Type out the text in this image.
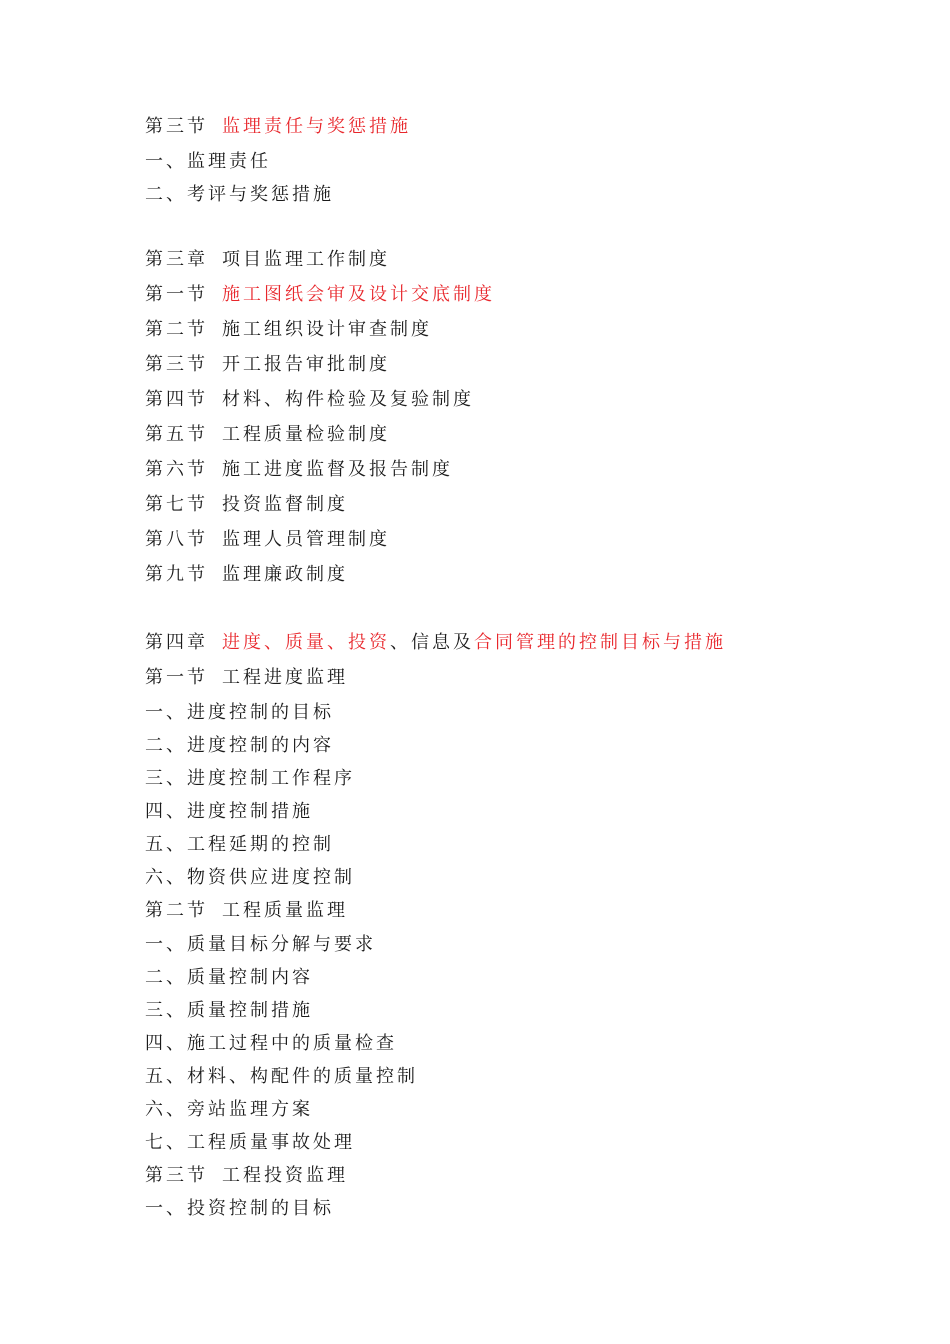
第三节 监理责任与奖惩措施
一、监理责任
二、考评与奖惩措施
第三章 项目监理工作制度
第一节 施工图纸会审及设计交底制度
第二节 施工组织设计审查制度
第三节 开工报告审批制度
第四节 材料、构件检验及复验制度
第五节 工程质量检验制度
第六节 施工进度监督及报告制度
第七节 投资监督制度
第八节 监理人员管理制度
第九节 监理廉政制度
第四章 进度、质量、投资、信息及合同管理的控制目标与措施
第一节 工程进度监理
一、进度控制的目标
二、进度控制的内容
三、进度控制工作程序
四、进度控制措施
五、工程延期的控制
六、物资供应进度控制
第二节 工程质量监理
一、质量目标分解与要求
二、质量控制内容
三、质量控制措施
四、施工过程中的质量检查
五、材料、构配件的质量控制
六、旁站监理方案
七、工程质量事故处理
第三节 工程投资监理
一、投资控制的目标
